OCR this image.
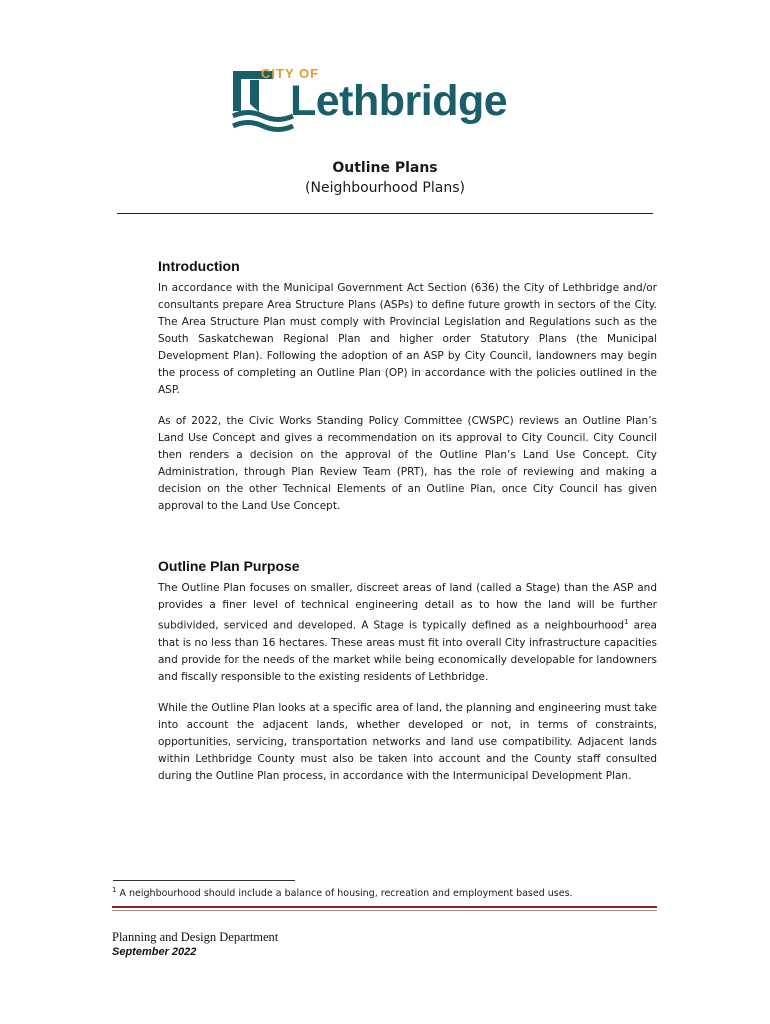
CITY OF
Lethbridge
Outline Plans
(Neighbourhood Plans)
Introduction

In accordance with the Municipal Government Act Section (636) the City of Lethbridge and/or consultants prepare Area Structure Plans (ASPs) to define future growth in sectors of the City. The Area Structure Plan must comply with Provincial Legislation and Regulations such as the South Saskatchewan Regional Plan and higher order Statutory Plans (the Municipal Development Plan). Following the adoption of an ASP by City Council, landowners may begin the process of completing an Outline Plan (OP) in accordance with the policies outlined in the ASP.

As of 2022, the Civic Works Standing Policy Committee (CWSPC) reviews an Outline Plan’s Land Use Concept and gives a recommendation on its approval to City Council. City Council then renders a decision on the approval of the Outline Plan’s Land Use Concept. City Administration, through Plan Review Team (PRT), has the role of reviewing and making a decision on the other Technical Elements of an Outline Plan, once City Council has given approval to the Land Use Concept.

Outline Plan Purpose

The Outline Plan focuses on smaller, discreet areas of land (called a Stage) than the ASP and provides a finer level of technical engineering detail as to how the land will be further subdivided, serviced and developed. A Stage is typically defined as a neighbourhood$^1$ area that is no less than 16 hectares. These areas must fit into overall City infrastructure capacities and provide for the needs of the market while being economically developable for landowners and fiscally responsible to the existing residents of Lethbridge.

While the Outline Plan looks at a specific area of land, the planning and engineering must take into account the adjacent lands, whether developed or not, in terms of constraints, opportunities, servicing, transportation networks and land use compatibility. Adjacent lands within Lethbridge County must also be taken into account and the County staff consulted during the Outline Plan process, in accordance with the Intermunicipal Development Plan.

$^1$ A neighbourhood should include a balance of housing, recreation and employment based uses.
Planning and Design Department
September 2022
